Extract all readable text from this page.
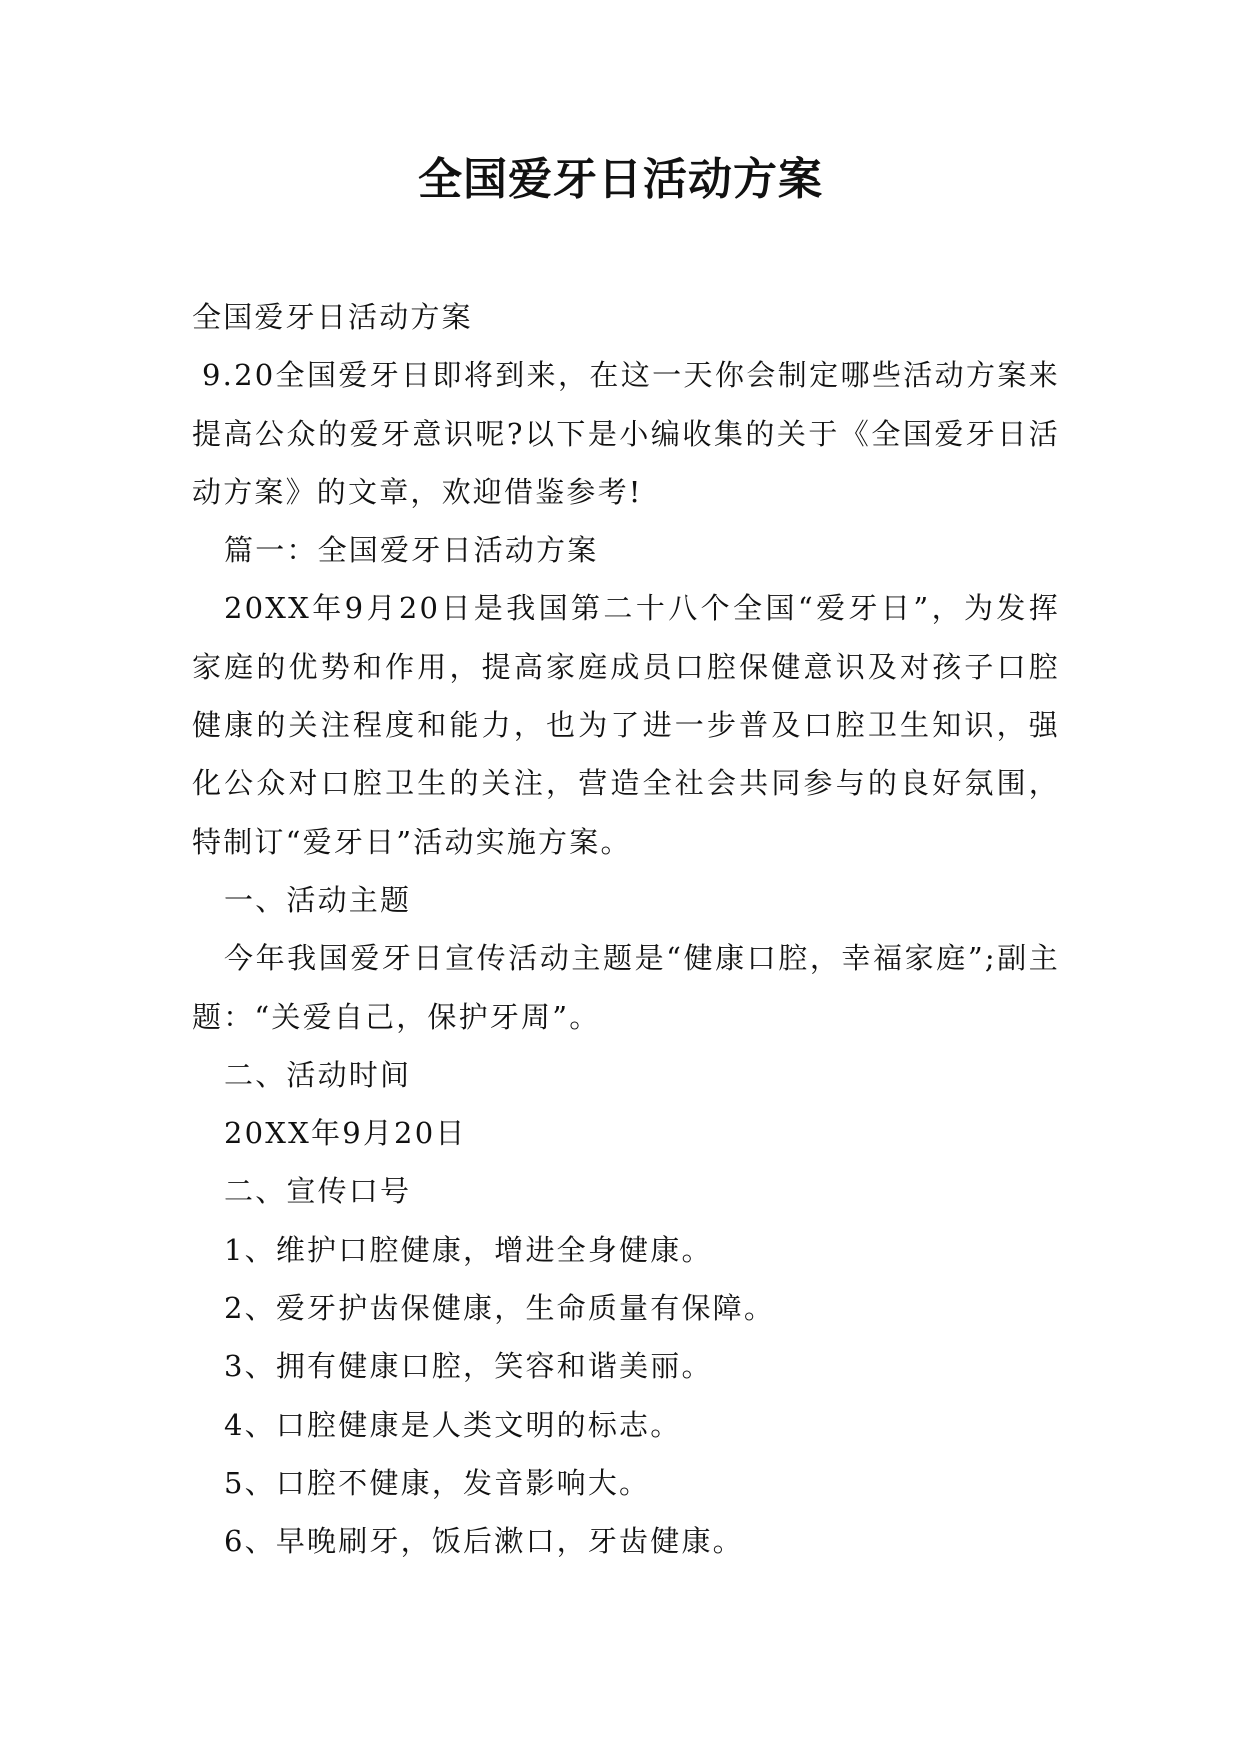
全国爱牙日活动方案

全国爱牙日活动方案

9.20全国爱牙日即将到来，在这一天你会制定哪些活动方案来提高公众的爱牙意识呢?以下是小编收集的关于《全国爱牙日活动方案》的文章，欢迎借鉴参考!

篇一：全国爱牙日活动方案

20XX年9月20日是我国第二十八个全国“爱牙日”，为发挥家庭的优势和作用，提高家庭成员口腔保健意识及对孩子口腔健康的关注程度和能力，也为了进一步普及口腔卫生知识，强化公众对口腔卫生的关注，营造全社会共同参与的良好氛围，特制订“爱牙日”活动实施方案。

一、活动主题

今年我国爱牙日宣传活动主题是“健康口腔，幸福家庭”;副主题：“关爱自己，保护牙周”。

二、活动时间

20XX年9月20日

二、宣传口号

1、维护口腔健康，增进全身健康。

2、爱牙护齿保健康，生命质量有保障。

3、拥有健康口腔，笑容和谐美丽。

4、口腔健康是人类文明的标志。

5、口腔不健康，发音影响大。

6、早晚刷牙，饭后漱口，牙齿健康。
